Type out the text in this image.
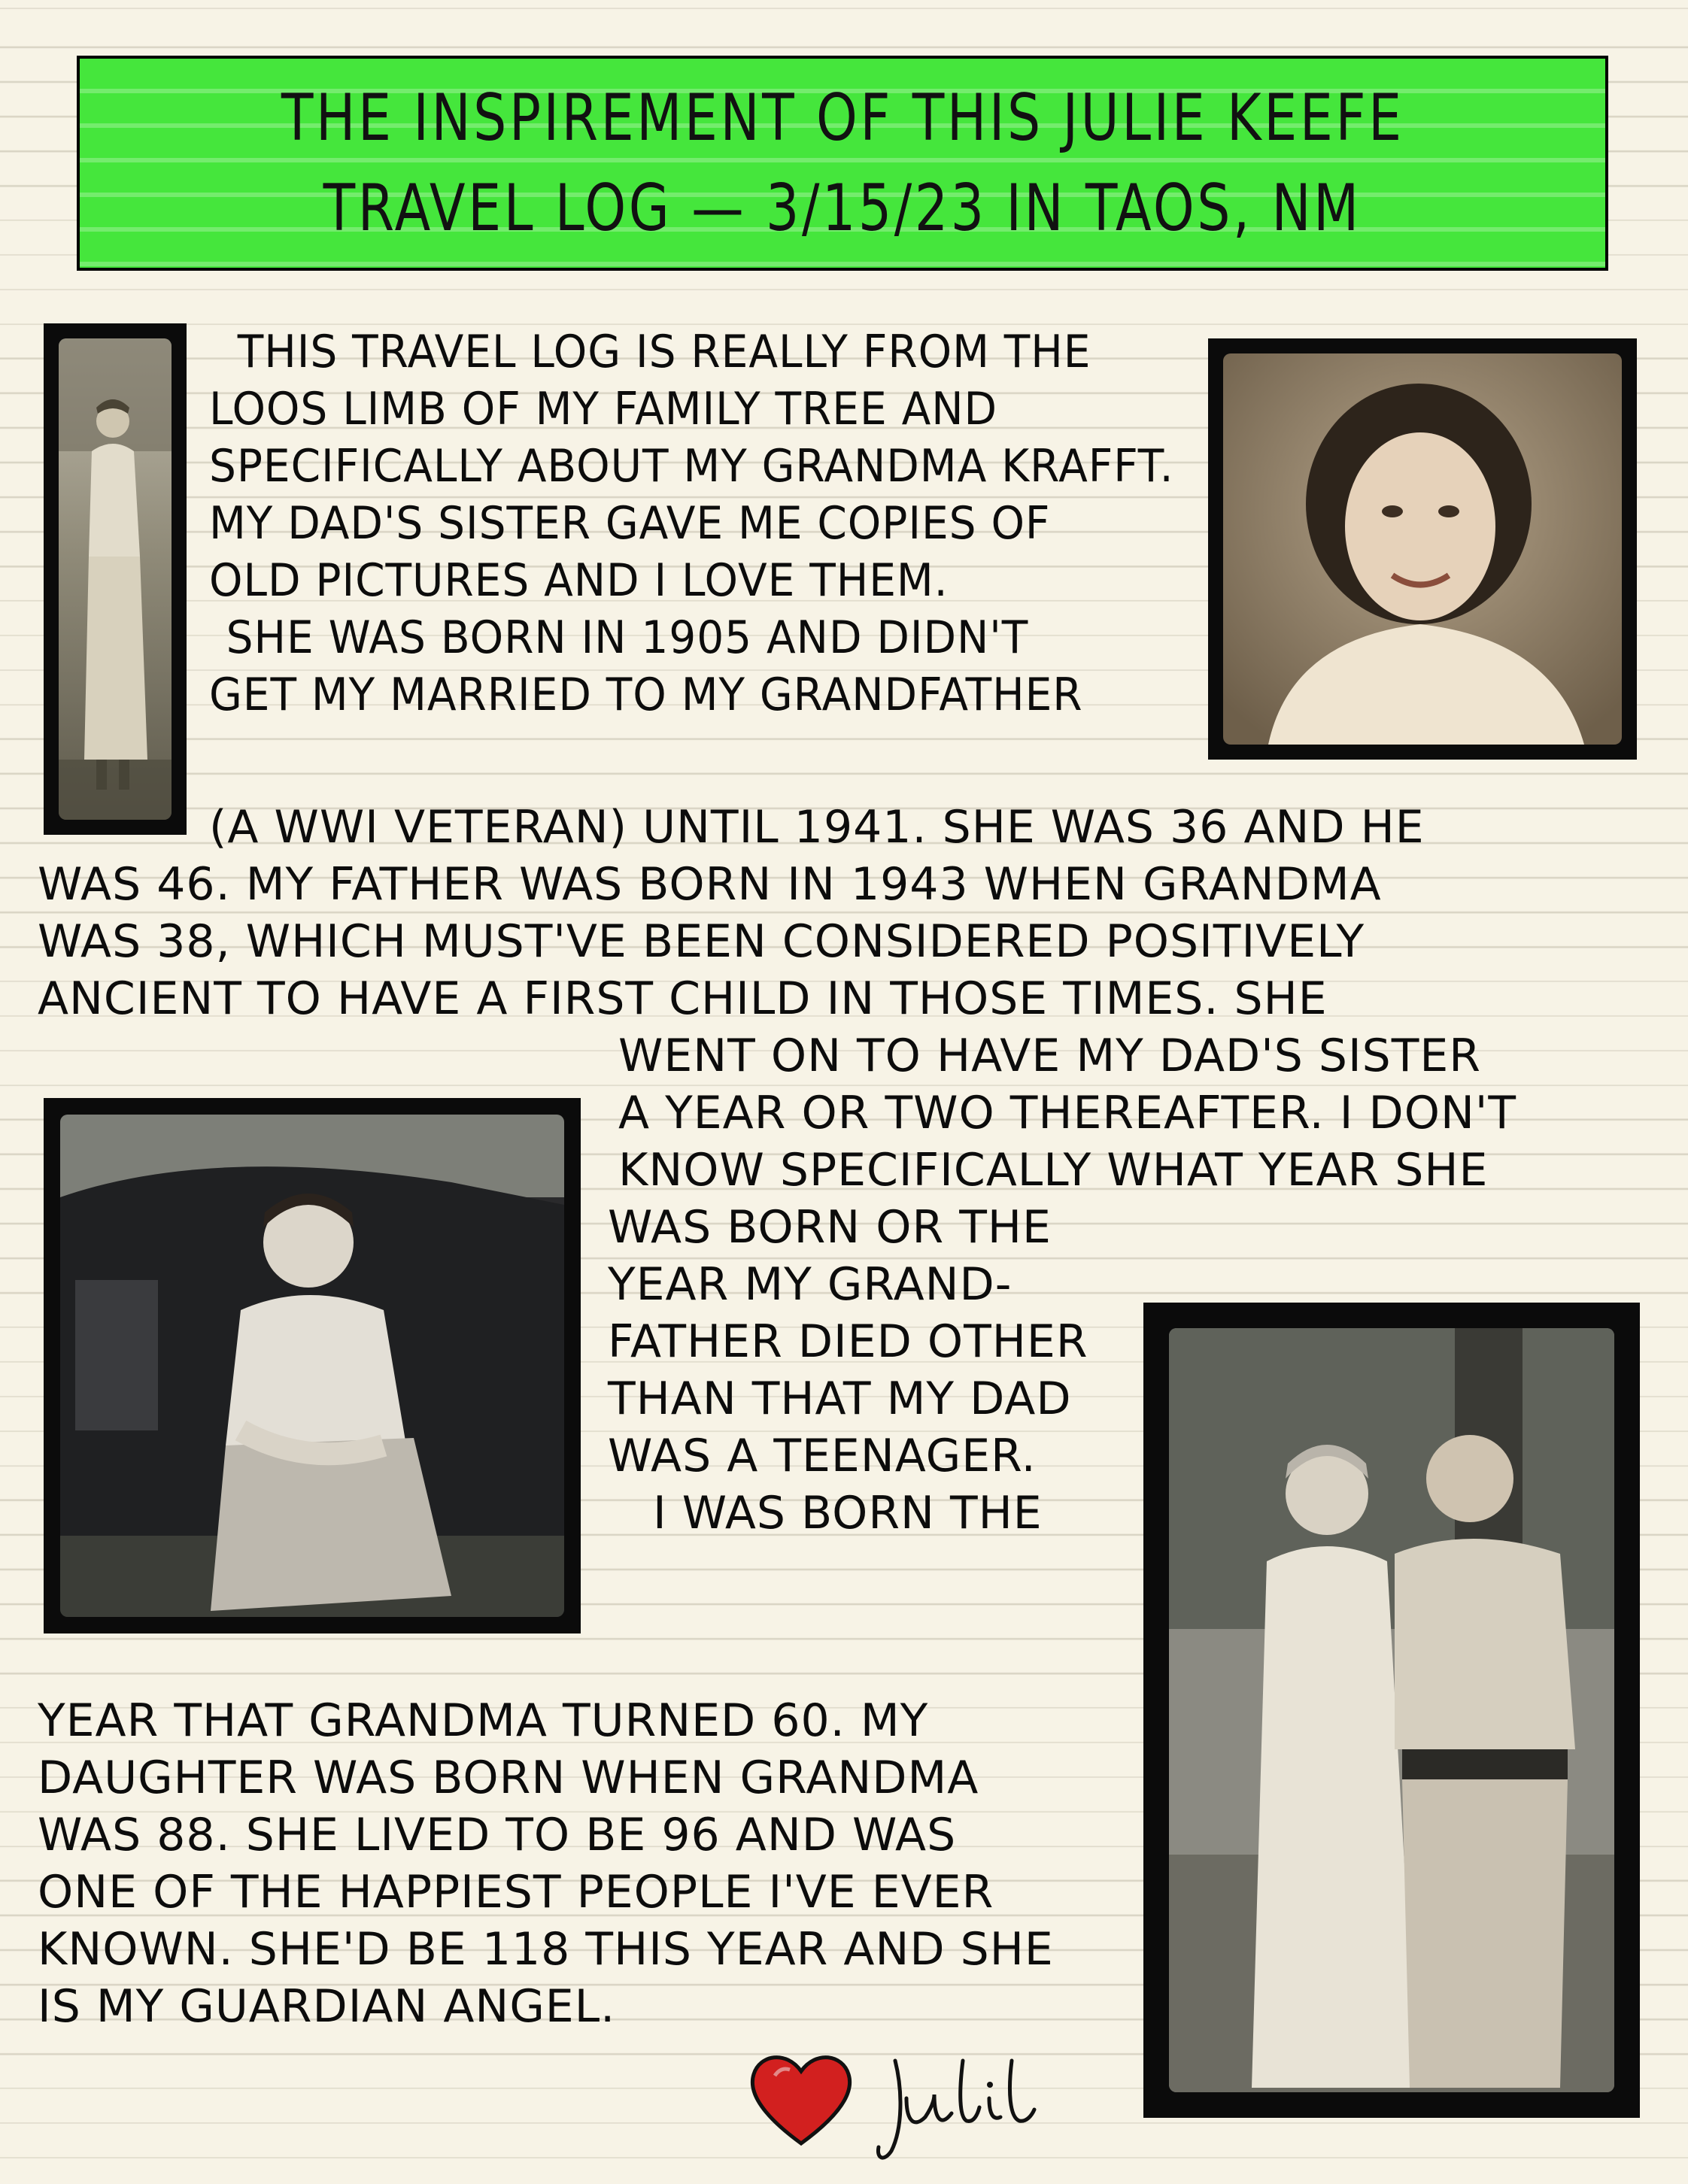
THE INSPIREMENT OF THIS JULIE KEEFE
TRAVEL LOG — 3/15/23 IN TAOS, NM
THIS TRAVEL LOG IS REALLY FROM THE
LOOS LIMB OF MY FAMILY TREE AND
SPECIFICALLY ABOUT MY GRANDMA KRAFFT.
MY DAD'S SISTER GAVE ME COPIES OF
OLD PICTURES AND I LOVE THEM.
SHE WAS BORN IN 1905 AND DIDN'T
GET MY MARRIED TO MY GRANDFATHER
(A WWI VETERAN) UNTIL 1941. SHE WAS 36 AND HE
WAS 46. MY FATHER WAS BORN IN 1943 WHEN GRANDMA
WAS 38, WHICH MUST'VE BEEN CONSIDERED POSITIVELY
ANCIENT TO HAVE A FIRST CHILD IN THOSE TIMES. SHE
WENT ON TO HAVE MY DAD'S SISTER
A YEAR OR TWO THEREAFTER. I DON'T
KNOW SPECIFICALLY WHAT YEAR SHE
WAS BORN OR THE
YEAR MY GRAND-
FATHER DIED OTHER
THAN THAT MY DAD
WAS A TEENAGER.
I WAS BORN THE
YEAR THAT GRANDMA TURNED 60. MY
DAUGHTER WAS BORN WHEN GRANDMA
WAS 88. SHE LIVED TO BE 96 AND WAS
ONE OF THE HAPPIEST PEOPLE I'VE EVER
KNOWN. SHE'D BE 118 THIS YEAR AND SHE
IS MY GUARDIAN ANGEL.
